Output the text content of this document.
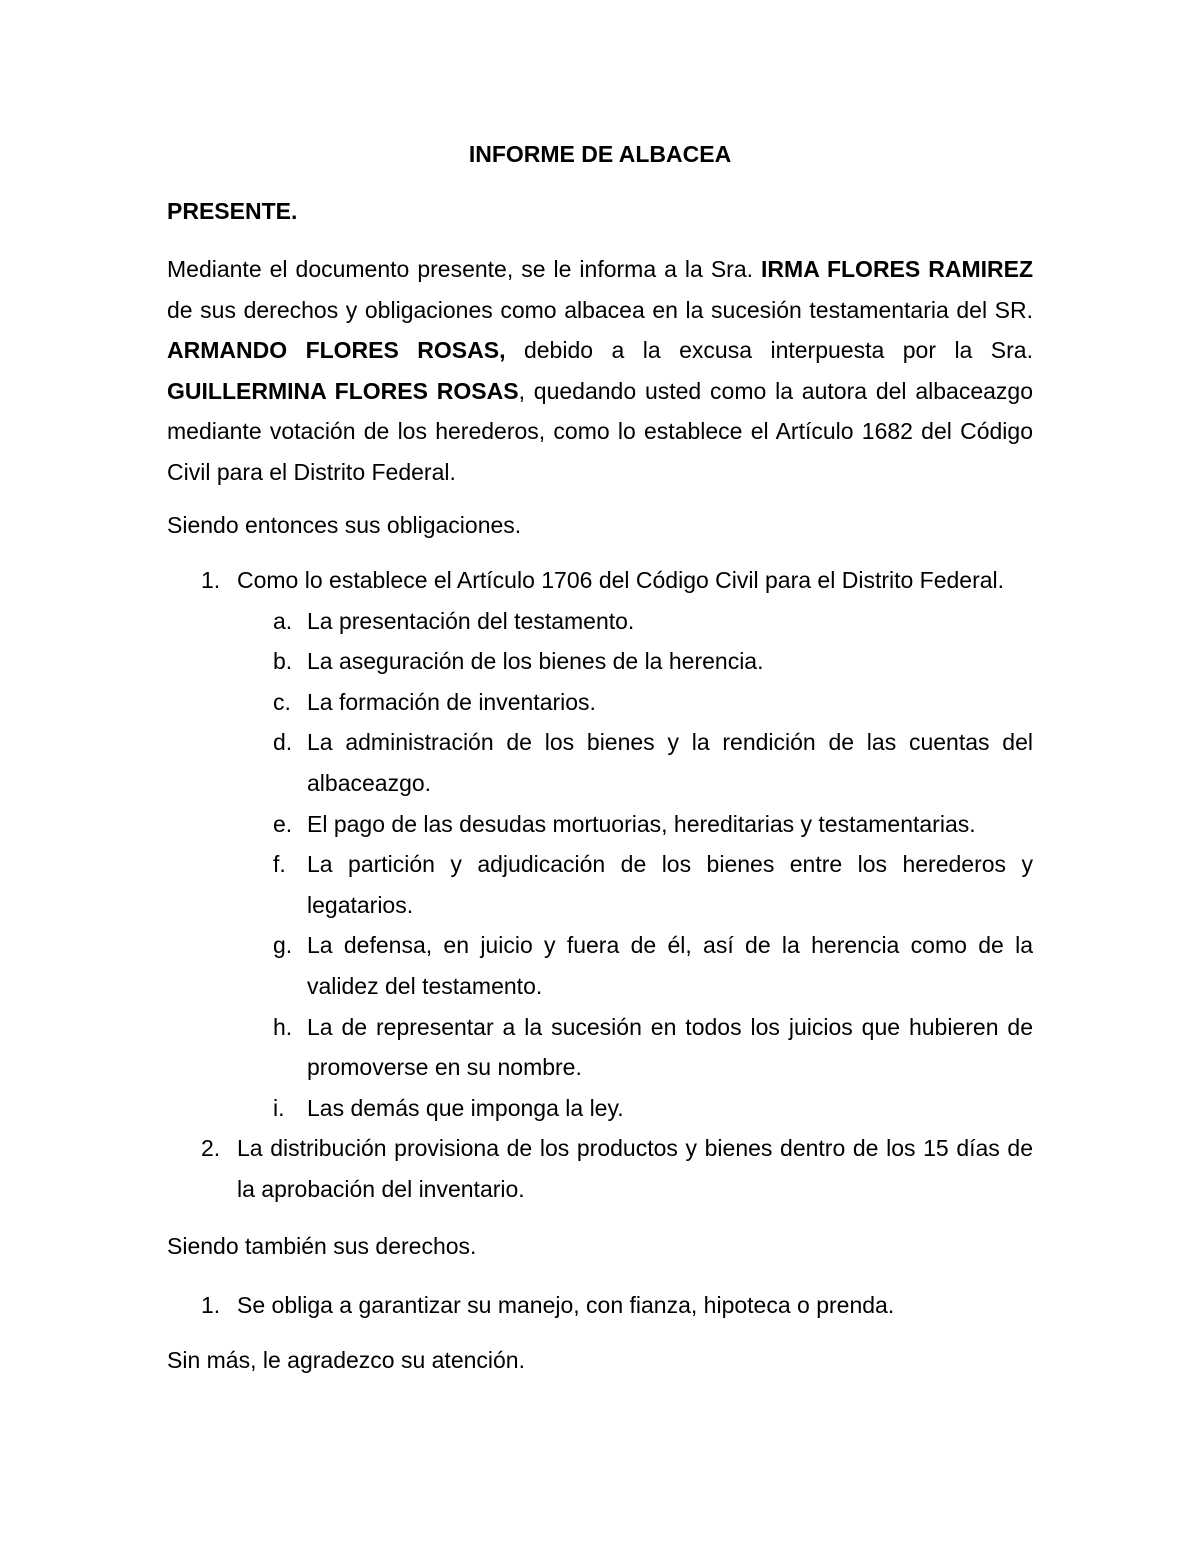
INFORME DE ALBACEA

PRESENTE.

Mediante el documento presente, se le informa a la Sra. IRMA FLORES RAMIREZ de sus derechos y obligaciones como albacea en la sucesión testamentaria del SR. ARMANDO FLORES ROSAS, debido a la excusa interpuesta por la Sra. GUILLERMINA FLORES ROSAS, quedando usted como la autora del albaceazgo mediante votación de los herederos, como lo establece el Artículo 1682 del Código Civil para el Distrito Federal.

Siendo entonces sus obligaciones.

1. Como lo establece el Artículo 1706 del Código Civil para el Distrito Federal.
a. La presentación del testamento.
b. La aseguración de los bienes de la herencia.
c. La formación de inventarios.
d. La administración de los bienes y la rendición de las cuentas del albaceazgo.
e. El pago de las desudas mortuorias, hereditarias y testamentarias.
f. La partición y adjudicación de los bienes entre los herederos y legatarios.
g. La defensa, en juicio y fuera de él, así de la herencia como de la validez del testamento.
h. La de representar a la sucesión en todos los juicios que hubieren de promoverse en su nombre.
i. Las demás que imponga la ley.
2. La distribución provisiona de los productos y bienes dentro de los 15 días de la aprobación del inventario.

Siendo también sus derechos.

1. Se obliga a garantizar su manejo, con fianza, hipoteca o prenda.

Sin más, le agradezco su atención.
